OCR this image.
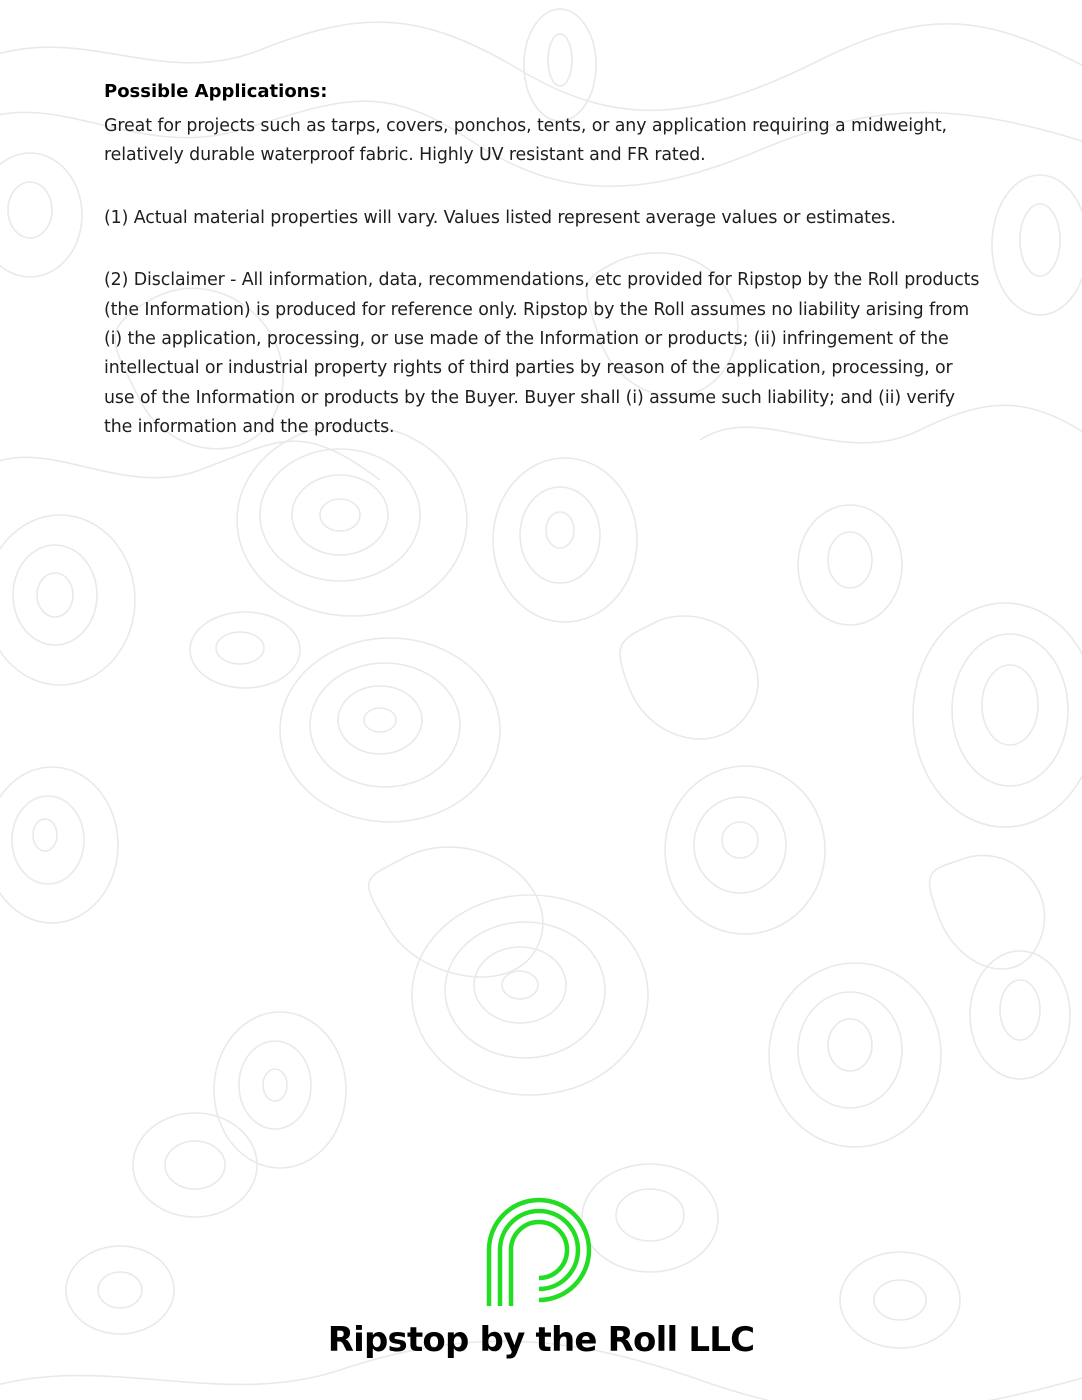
Possible Applications:

Great for projects such as tarps, covers, ponchos, tents, or any application requiring a midweight, relatively durable waterproof fabric. Highly UV resistant and FR rated.

(1) Actual material properties will vary. Values listed represent average values or estimates.

(2) Disclaimer - All information, data, recommendations, etc provided for Ripstop by the Roll products (the Information) is produced for reference only. Ripstop by the Roll assumes no liability arising from (i) the application, processing, or use made of the Information or products; (ii) infringement of the intellectual or industrial property rights of third parties by reason of the application, processing, or use of the Information or products by the Buyer. Buyer shall (i) assume such liability; and (ii) verify the information and the products.

Ripstop by the Roll LLC
